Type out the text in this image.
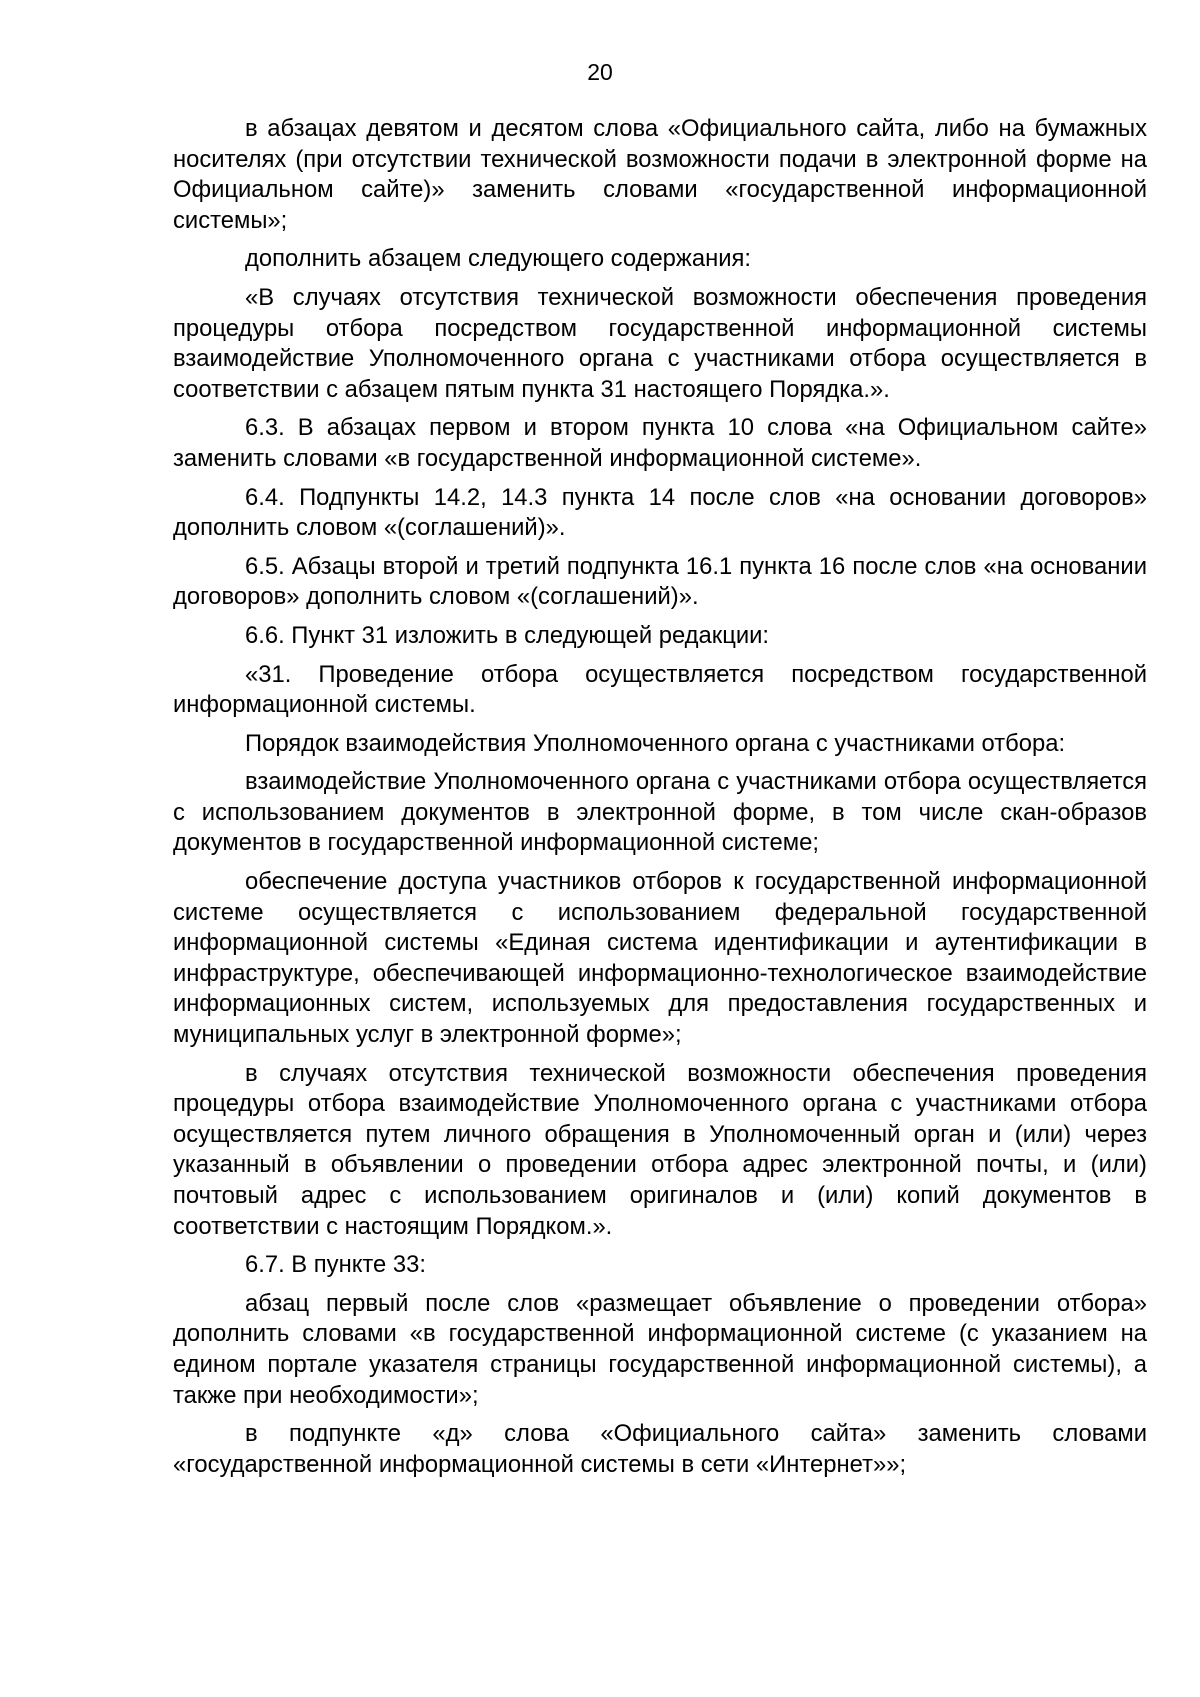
20

в абзацах девятом и десятом слова «Официального сайта, либо на бумажных носителях (при отсутствии технической возможности подачи в электронной форме на Официальном сайте)» заменить словами «государственной информационной системы»;

дополнить абзацем следующего содержания:

«В случаях отсутствия технической возможности обеспечения проведения процедуры отбора посредством государственной информационной системы взаимодействие Уполномоченного органа с участниками отбора осуществляется в соответствии с абзацем пятым пункта 31 настоящего Порядка.».

6.3. В абзацах первом и втором пункта 10 слова «на Официальном сайте» заменить словами «в государственной информационной системе».

6.4. Подпункты 14.2, 14.3 пункта 14 после слов «на основании договоров» дополнить словом «(соглашений)».

6.5. Абзацы второй и третий подпункта 16.1 пункта 16 после слов «на основании договоров» дополнить словом «(соглашений)».

6.6. Пункт 31 изложить в следующей редакции:

«31. Проведение отбора осуществляется посредством государственной информационной системы.

Порядок взаимодействия Уполномоченного органа с участниками отбора:

взаимодействие Уполномоченного органа с участниками отбора осуществляется с использованием документов в электронной форме, в том числе скан-образов документов в государственной информационной системе;

обеспечение доступа участников отборов к государственной информационной системе осуществляется с использованием федеральной государственной информационной системы «Единая система идентификации и аутентификации в инфраструктуре, обеспечивающей информационно-технологическое взаимодействие информационных систем, используемых для предоставления государственных и муниципальных услуг в электронной форме»;

в случаях отсутствия технической возможности обеспечения проведения процедуры отбора взаимодействие Уполномоченного органа с участниками отбора осуществляется путем личного обращения в Уполномоченный орган и (или) через указанный в объявлении о проведении отбора адрес электронной почты, и (или) почтовый адрес с использованием оригиналов и (или) копий документов в соответствии с настоящим Порядком.».

6.7. В пункте 33:

абзац первый после слов «размещает объявление о проведении отбора» дополнить словами «в государственной информационной системе (с указанием на едином портале указателя страницы государственной информационной системы), а также при необходимости»;

в подпункте «д» слова «Официального сайта» заменить словами «государственной информационной системы в сети «Интернет»»;
